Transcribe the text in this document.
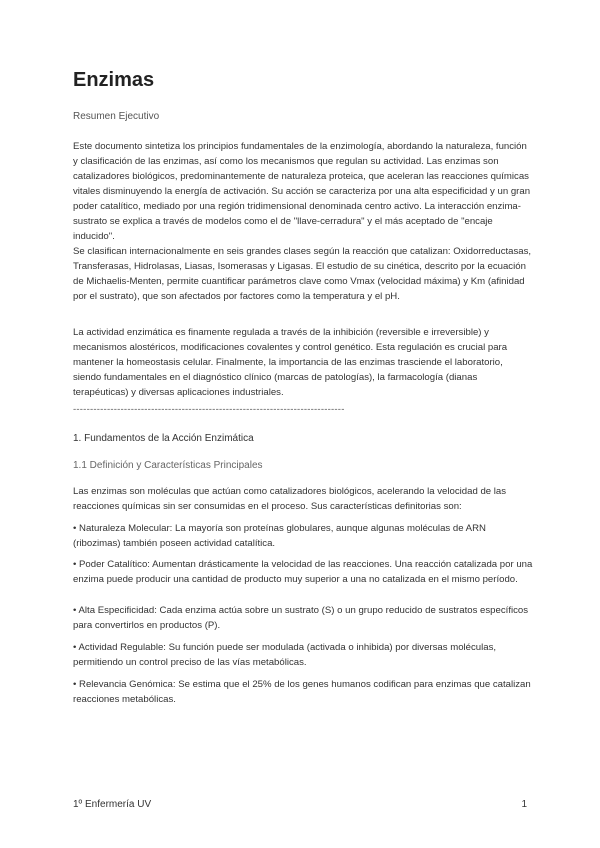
Enzimas
Resumen Ejecutivo

Este documento sintetiza los principios fundamentales de la enzimología, abordando la naturaleza, función y clasificación de las enzimas, así como los mecanismos que regulan su actividad. Las enzimas son catalizadores biológicos, predominantemente de naturaleza proteica, que aceleran las reacciones químicas vitales disminuyendo la energía de activación. Su acción se caracteriza por una alta especificidad y un gran poder catalítico, mediado por una región tridimensional denominada centro activo. La interacción enzima-sustrato se explica a través de modelos como el de "llave-cerradura" y el más aceptado de "encaje inducido".

Se clasifican internacionalmente en seis grandes clases según la reacción que catalizan: Oxidorreductasas, Transferasas, Hidrolasas, Liasas, Isomerasas y Ligasas. El estudio de su cinética, descrito por la ecuación de Michaelis-Menten, permite cuantificar parámetros clave como Vmax (velocidad máxima) y Km (afinidad por el sustrato), que son afectados por factores como la temperatura y el pH.

La actividad enzimática es finamente regulada a través de la inhibición (reversible e irreversible) y mecanismos alostéricos, modificaciones covalentes y control genético. Esta regulación es crucial para mantener la homeostasis celular. Finalmente, la importancia de las enzimas trasciende el laboratorio, siendo fundamentales en el diagnóstico clínico (marcas de patologías), la farmacología (dianas terapéuticas) y diversas aplicaciones industriales.

--------------------------------------------------------------------------------
1. Fundamentos de la Acción Enzimática
1.1 Definición y Características Principales

Las enzimas son moléculas que actúan como catalizadores biológicos, acelerando la velocidad de las reacciones químicas sin ser consumidas en el proceso. Sus características definitorias son:

• Naturaleza Molecular: La mayoría son proteínas globulares, aunque algunas moléculas de ARN (ribozimas) también poseen actividad catalítica.

• Poder Catalítico: Aumentan drásticamente la velocidad de las reacciones. Una reacción catalizada por una enzima puede producir una cantidad de producto muy superior a una no catalizada en el mismo período.

• Alta Especificidad: Cada enzima actúa sobre un sustrato (S) o un grupo reducido de sustratos específicos para convertirlos en productos (P).

• Actividad Regulable: Su función puede ser modulada (activada o inhibida) por diversas moléculas, permitiendo un control preciso de las vías metabólicas.

• Relevancia Genómica: Se estima que el 25% de los genes humanos codifican para enzimas que catalizan reacciones metabólicas.

1º Enfermería UV	1
